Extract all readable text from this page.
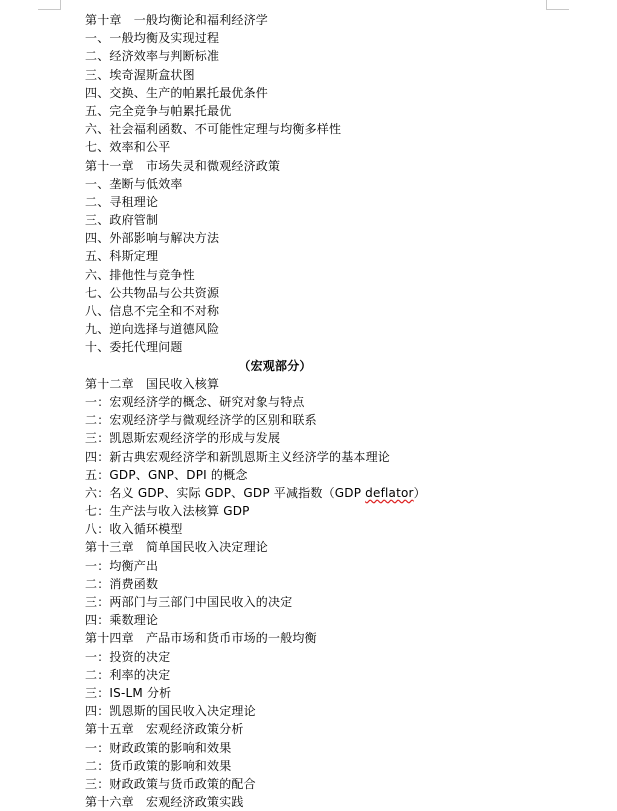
第十章　一般均衡论和福利经济学
一、一般均衡及实现过程
二、经济效率与判断标准
三、埃奇渥斯盒状图
四、交换、生产的帕累托最优条件
五、完全竞争与帕累托最优
六、社会福利函数、不可能性定理与均衡多样性
七、效率和公平
第十一章　市场失灵和微观经济政策
一、垄断与低效率
二、寻租理论
三、政府管制
四、外部影响与解决方法
五、科斯定理
六、排他性与竞争性
七、公共物品与公共资源
八、信息不完全和不对称
九、逆向选择与道德风险
十、委托代理问题
（宏观部分）
第十二章　国民收入核算
一：宏观经济学的概念、研究对象与特点
二：宏观经济学与微观经济学的区别和联系
三：凯恩斯宏观经济学的形成与发展
四：新古典宏观经济学和新凯恩斯主义经济学的基本理论
五：GDP、GNP、DPI 的概念
六：名义 GDP、实际 GDP、GDP 平减指数（GDP deflator）
七：生产法与收入法核算 GDP
八：收入循环模型
第十三章　简单国民收入决定理论
一：均衡产出
二：消费函数
三：两部门与三部门中国民收入的决定
四：乘数理论
第十四章　产品市场和货币市场的一般均衡
一：投资的决定
二：利率的决定
三：IS-LM 分析
四：凯恩斯的国民收入决定理论
第十五章　宏观经济政策分析
一：财政政策的影响和效果
二：货币政策的影响和效果
三：财政政策与货币政策的配合
第十六章　宏观经济政策实践
